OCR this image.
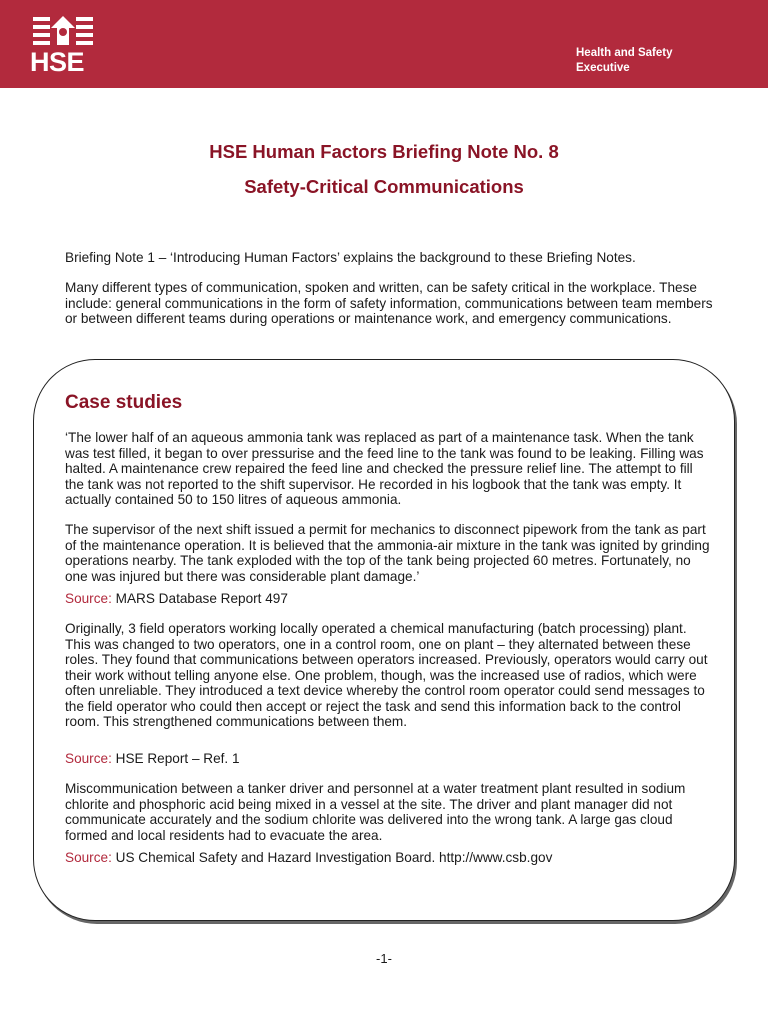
HSE	Health and Safety
Executive
HSE Human Factors Briefing Note No. 8
Safety-Critical Communications

Briefing Note 1 – ‘Introducing Human Factors’ explains the background to these Briefing Notes.

Many different types of communication, spoken and written, can be safety critical in the workplace. These include: general communications in the form of safety information, communications between team members or between different teams during operations or maintenance work, and emergency communications.

Case studies

‘The lower half of an aqueous ammonia tank was replaced as part of a maintenance task. When the tank was test filled, it began to over pressurise and the feed line to the tank was found to be leaking. Filling was halted. A maintenance crew repaired the feed line and checked the pressure relief line. The attempt to fill the tank was not reported to the shift supervisor. He recorded in his logbook that the tank was empty. It actually contained 50 to 150 litres of aqueous ammonia.

The supervisor of the next shift issued a permit for mechanics to disconnect pipework from the tank as part of the maintenance operation. It is believed that the ammonia-air mixture in the tank was ignited by grinding operations nearby. The tank exploded with the top of the tank being projected 60 metres. Fortunately, no one was injured but there was considerable plant damage.’

Source: MARS Database Report 497

Originally, 3 field operators working locally operated a chemical manufacturing (batch processing) plant. This was changed to two operators, one in a control room, one on plant – they alternated between these roles. They found that communications between operators increased. Previously, operators would carry out their work without telling anyone else. One problem, though, was the increased use of radios, which were often unreliable. They introduced a text device whereby the control room operator could send messages to the field operator who could then accept or reject the task and send this information back to the control room. This strengthened communications between them.

Source: HSE Report – Ref. 1

Miscommunication between a tanker driver and personnel at a water treatment plant resulted in sodium chlorite and phosphoric acid being mixed in a vessel at the site. The driver and plant manager did not communicate accurately and the sodium chlorite was delivered into the wrong tank. A large gas cloud formed and local residents had to evacuate the area.

Source: US Chemical Safety and Hazard Investigation Board. http://www.csb.gov

-1-
